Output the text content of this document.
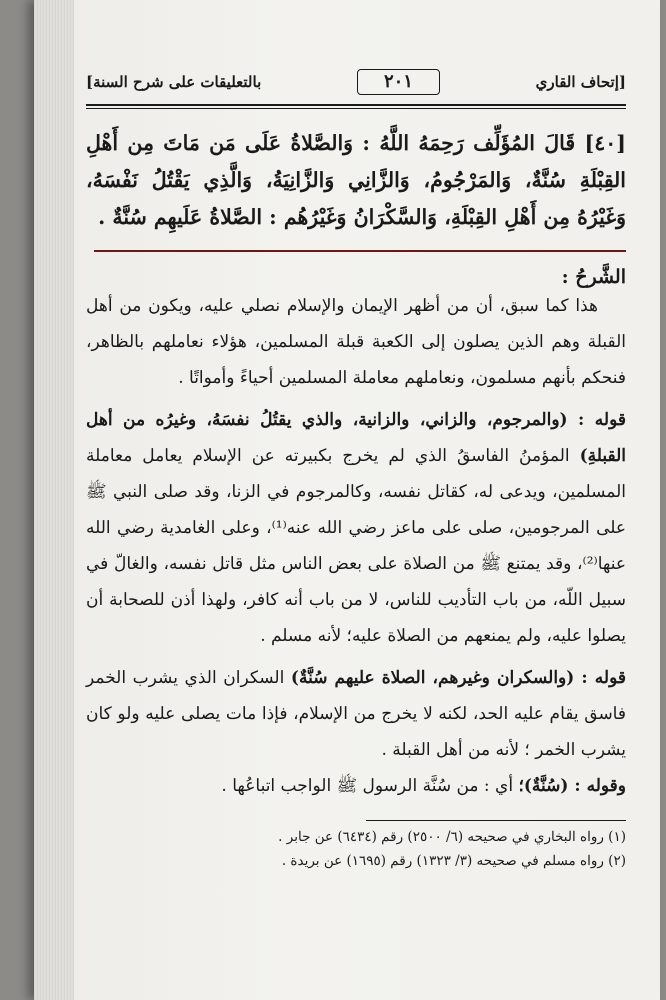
[إتحاف القاري
٢٠١
بالتعليقات على شرح السنة]
[٤٠] قَالَ المُؤَلِّف رَحِمَهُ اللَّهُ : وَالصَّلاةُ عَلَى مَن مَاتَ مِن أَهْلِ القِبْلَةِ سُنَّةٌ، وَالمَرْجُومُ، وَالزَّانِي وَالزَّانِيَةُ، وَالَّذِي يَقْتُلُ نَفْسَهُ، وَغَيْرُهُ مِن أَهْلِ القِبْلَةِ، وَالسَّكْرَانُ وَغَيْرُهُم : الصَّلاةُ عَلَيهِم سُنَّةٌ .
الشَّرحُ :

هذا كما سبق، أن من أظهر الإيمان والإسلام نصلي عليه، ويكون من أهل القبلة وهم الذين يصلون إلى الكعبة قبلة المسلمين، هؤلاء نعاملهم بالظاهر، فنحكم بأنهم مسلمون، ونعاملهم معاملة المسلمين أحياءً وأمواتًا .

قوله : (والمرجوم، والزاني، والزانية، والذي يقتُلُ نفسَهُ، وغيرُه من أهل القبلةِ) المؤمنُ الفاسقُ الذي لم يخرج بكبيرته عن الإسلام يعامل معاملة المسلمين، ويدعى له، كقاتل نفسه، وكالمرجوم في الزنا، وقد صلى النبي ﷺ على المرجومين، صلى على ماعز رضي الله عنه⁽¹⁾، وعلى الغامدية رضي الله عنها⁽²⁾، وقد يمتنع ﷺ من الصلاة على بعض الناس مثل قاتل نفسه، والغالّ في سبيل اللّه، من باب التأديب للناس، لا من باب أنه كافر، ولهذا أذن للصحابة أن يصلوا عليه، ولم يمنعهم من الصلاة عليه؛ لأنه مسلم .

قوله : (والسكران وغيرهم، الصلاة عليهم سُنَّةٌ) السكران الذي يشرب الخمر فاسق يقام عليه الحد، لكنه لا يخرج من الإسلام، فإذا مات يصلى عليه ولو كان يشرب الخمر ؛ لأنه من أهل القبلة .

وقوله : (سُنَّةٌ)؛ أي : من سُنَّة الرسول ﷺ الواجب اتباعُها .

(١) رواه البخاري في صحيحه (٦/ ٢٥٠٠) رقم (٦٤٣٤) عن جابر .
(٢) رواه مسلم في صحيحه (٣/ ١٣٢٣) رقم (١٦٩٥) عن بريدة .
